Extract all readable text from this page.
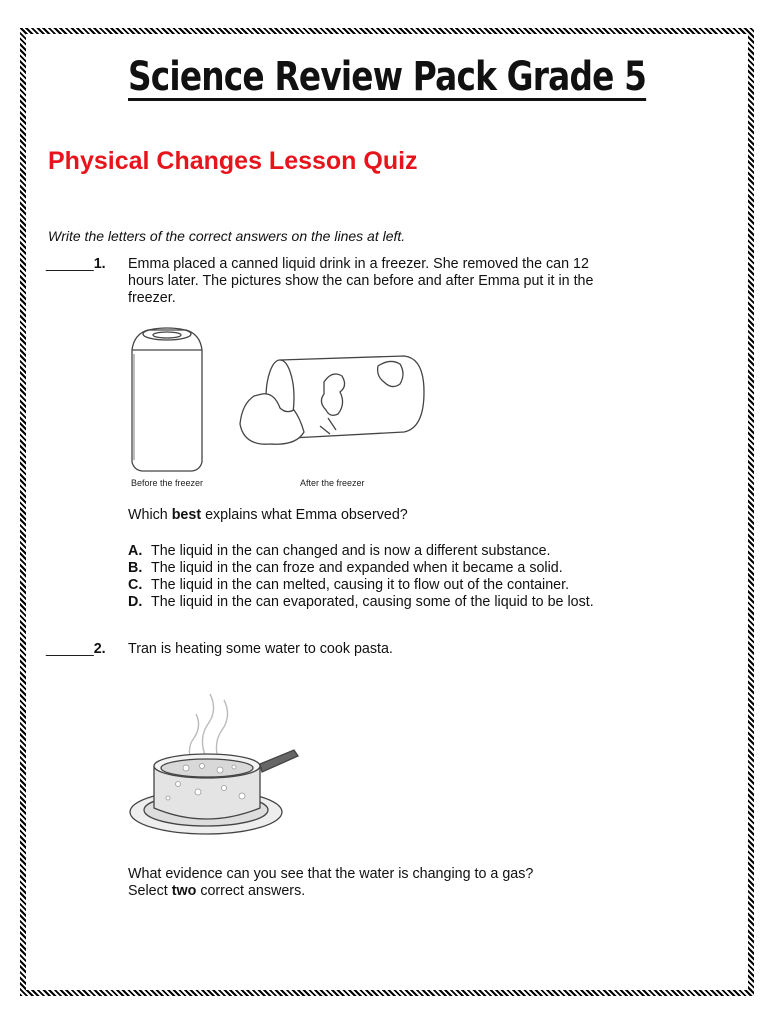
Science Review Pack Grade 5
Physical Changes Lesson Quiz

Write the letters of the correct answers on the lines at left.

______1. Emma placed a canned liquid drink in a freezer. She removed the can 12 hours later. The pictures show the can before and after Emma put it in the freezer.

Before the freezer	After the freezer

Which best explains what Emma observed?

A. The liquid in the can changed and is now a different substance.
B. The liquid in the can froze and expanded when it became a solid.
C. The liquid in the can melted, causing it to flow out of the container.
D. The liquid in the can evaporated, causing some of the liquid to be lost.
______2. Tran is heating some water to cook pasta.

What evidence can you see that the water is changing to a gas? Select two correct answers.
